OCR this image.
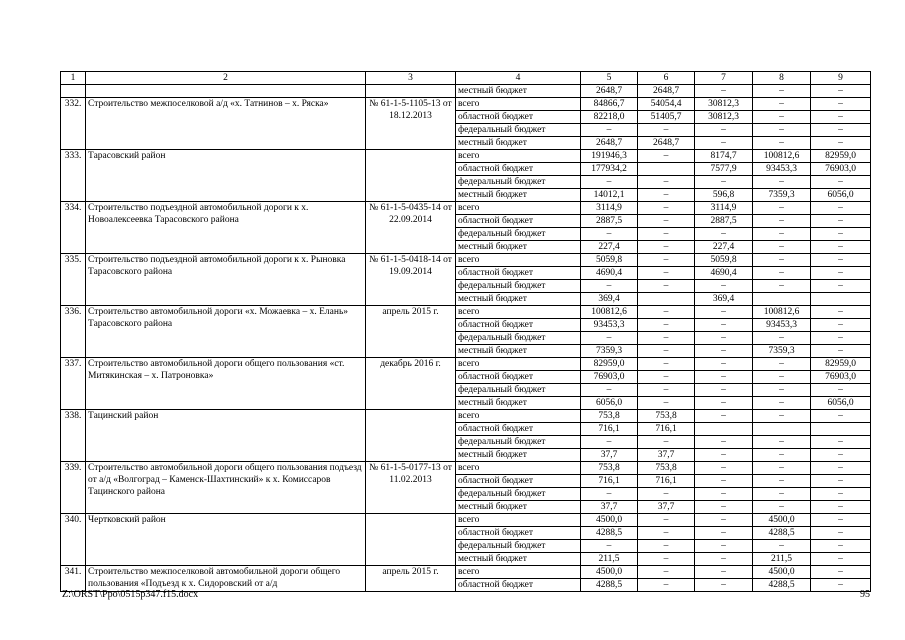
1	2	3	4	5	6	7	8	9
			местный бюджет	2648,7	2648,7	–	–	–
332.	Строительство межпоселковой а/д «х. Татнинов – х. Ряска»	№ 61-1-5-1105-13 от 18.12.2013	всего	84866,7	54054,4	30812,3	–	–
			областной бюджет	82218,0	51405,7	30812,3	–	–
			федеральный бюджет	–	–	–	–	–
			местный бюджет	2648,7	2648,7	–	–	–
333.	Тарасовский район		всего	191946,3	–	8174,7	100812,6	82959,0
			областной бюджет	177934,2		7577,9	93453,3	76903,0
			федеральный бюджет	–	–	–	–	–
			местный бюджет	14012,1	–	596,8	7359,3	6056,0
334.	Строительство подъездной автомобильной дороги к х. Новоалексеевка Тарасовского района	№ 61-1-5-0435-14 от 22.09.2014	всего	3114,9	–	3114,9	–	–
			областной бюджет	2887,5	–	2887,5	–	–
			федеральный бюджет	–	–	–	–	–
			местный бюджет	227,4	–	227,4	–	–
335.	Строительство подъездной автомобильной дороги к х. Рыновка Тарасовского района	№ 61-1-5-0418-14 от 19.09.2014	всего	5059,8	–	5059,8	–	–
			областной бюджет	4690,4	–	4690,4	–	–
			федеральный бюджет	–	–	–	–	–
			местный бюджет	369,4		369,4		
336.	Строительство автомобильной дороги «х. Можаевка – х. Елань» Тарасовского района	апрель 2015 г.	всего	100812,6	–	–	100812,6	–
			областной бюджет	93453,3	–	–	93453,3	–
			федеральный бюджет	–	–	–	–	–
			местный бюджет	7359,3	–	–	7359,3	–
337.	Строительство автомобильной дороги общего пользования «ст. Митякинская – х. Патроновка»	декабрь 2016 г.	всего	82959,0	–	–	–	82959,0
			областной бюджет	76903,0	–	–	–	76903,0
			федеральный бюджет	–	–	–	–	–
			местный бюджет	6056,0	–	–	–	6056,0
338.	Тацинский район		всего	753,8	753,8	–	–	–
			областной бюджет	716,1	716,1			
			федеральный бюджет	–	–	–	–	–
			местный бюджет	37,7	37,7	–	–	–
339.	Строительство автомобильной дороги общего пользования подъезд от а/д «Волгоград – Каменск-Шахтинский» к х. Комиссаров Тацинского района	№ 61-1-5-0177-13 от 11.02.2013	всего	753,8	753,8	–	–	–
			областной бюджет	716,1	716,1	–	–	–
			федеральный бюджет	–	–	–	–	–
			местный бюджет	37,7	37,7	–	–	–
340.	Чертковский район		всего	4500,0	–	–	4500,0	–
			областной бюджет	4288,5	–	–	4288,5	–
			федеральный бюджет	–	–	–	–	–
			местный бюджет	211,5	–	–	211,5	–
341.	Строительство межпоселковой автомобильной дороги общего пользования «Подъезд к х. Сидоровский от а/д	апрель 2015 г.	всего	4500,0	–	–	4500,0	–
			областной бюджет	4288,5	–	–	4288,5	–
Z:\ORST\Ppo\0515p347.f15.docx	95
